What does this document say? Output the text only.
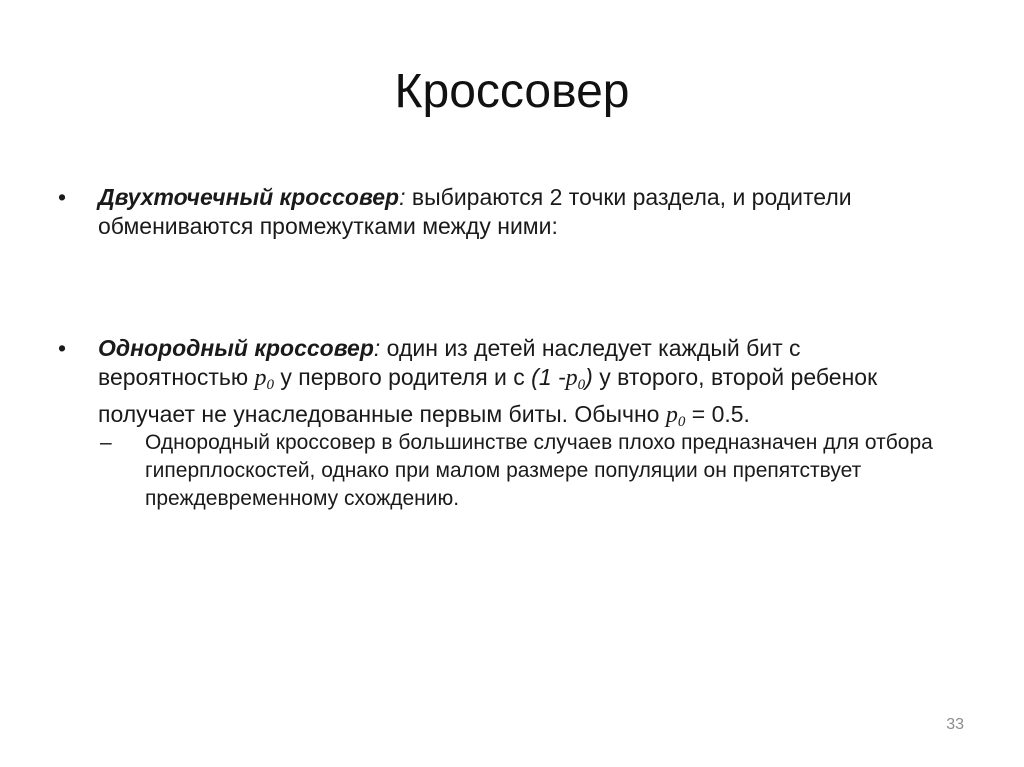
Кроссовер
• Двухточечный кроссовер: выбираются 2 точки раздела, и родители обмениваются промежутками между ними:
• Однородный кроссовер: один из детей наследует каждый бит с вероятностью p0 у первого родителя и с (1 -p0) у второго, второй ребенок получает не унаследованные первым биты. Обычно p0 = 0.5.
– Однородный кроссовер в большинстве случаев плохо предназначен для отбора гиперплоскостей, однако при малом размере популяции он препятствует преждевременному схождению.
33
